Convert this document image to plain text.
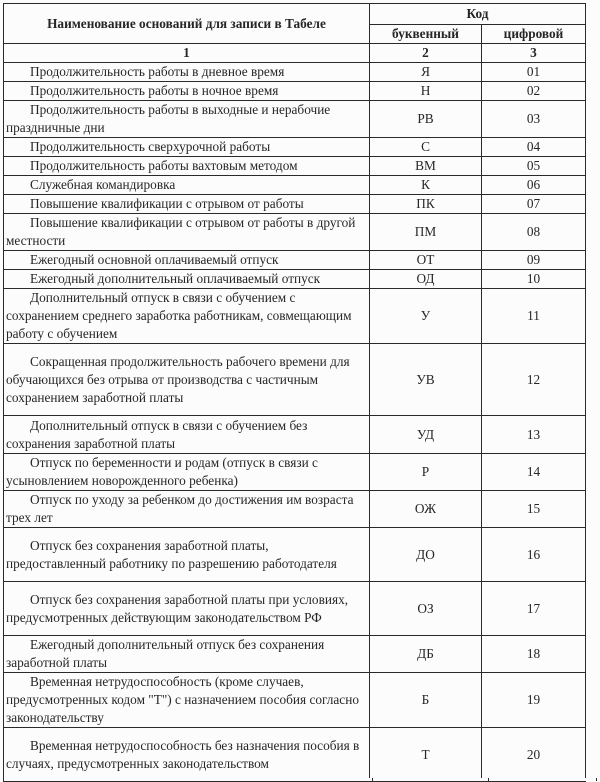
Наименование оснований для записи в Табеле	Код	
	буквенный	цифровой
1	2	3
Продолжительность работы в дневное время	Я	01
Продолжительность работы в ночное время	Н	02
Продолжительность работы в выходные и нерабочие праздничные дни	РВ	03
Продолжительность сверхурочной работы	С	04
Продолжительность работы вахтовым методом	ВМ	05
Служебная командировка	К	06
Повышение квалификации с отрывом от работы	ПК	07
Повышение квалификации с отрывом от работы в другой местности	ПМ	08
Ежегодный основной оплачиваемый отпуск	ОТ	09
Ежегодный дополнительный оплачиваемый отпуск	ОД	10
Дополнительный отпуск в связи с обучением с сохранением среднего заработка работникам, совмещающим работу с обучением	У	11
Сокращенная продолжительность рабочего времени для обучающихся без отрыва от производства с частичным сохранением заработной платы	УВ	12
Дополнительный отпуск в связи с обучением без сохранения заработной платы	УД	13
Отпуск по беременности и родам (отпуск в связи с усыновлением новорожденного ребенка)	Р	14
Отпуск по уходу за ребенком до достижения им возраста трех лет	ОЖ	15
Отпуск без сохранения заработной платы, предоставленный работнику по разрешению работодателя	ДО	16
Отпуск без сохранения заработной платы при условиях, предусмотренных действующим законодательством РФ	ОЗ	17
Ежегодный дополнительный отпуск без сохранения заработной платы	ДБ	18
Временная нетрудоспособность (кроме случаев, предусмотренных кодом "Т") с назначением пособия согласно законодательству	Б	19
Временная нетрудоспособность без назначения пособия в случаях, предусмотренных законодательством	Т	20
